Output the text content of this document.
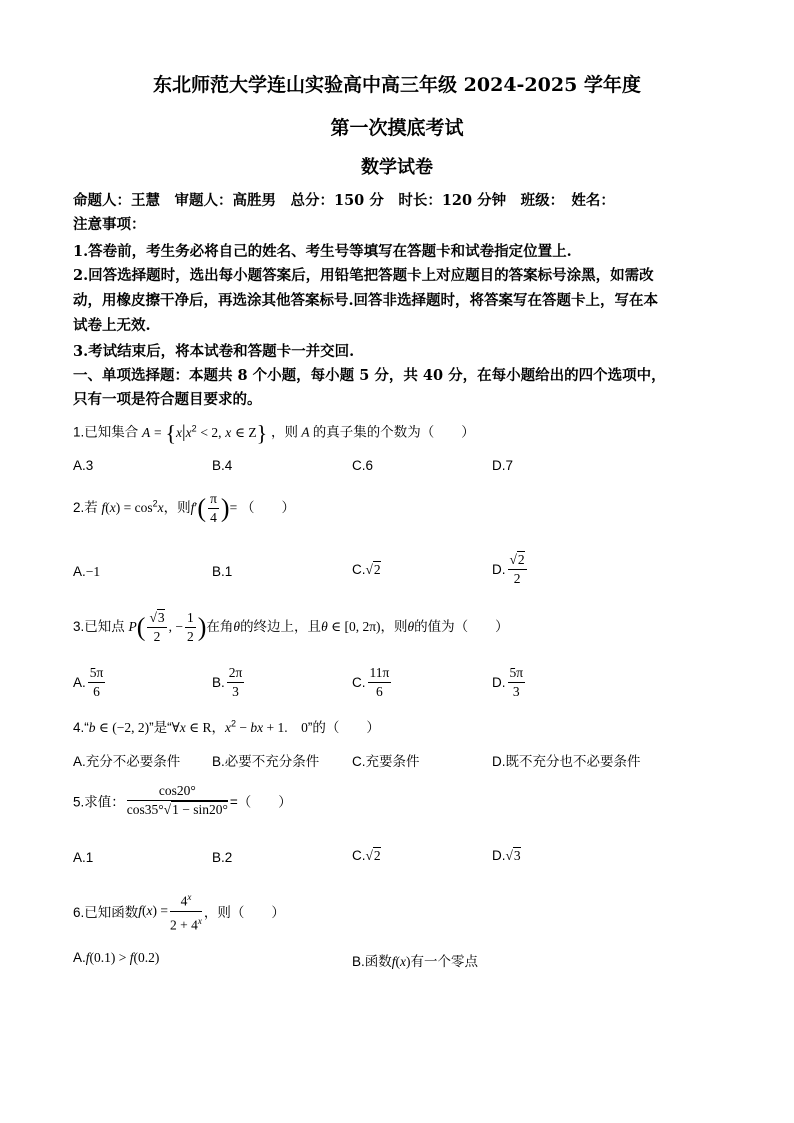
东北师范大学连山实验高中高三年级 2024-2025 学年度
第一次摸底考试
数学试卷
命题人：王慧　审题人：高胜男　总分：150 分　时长：120 分钟　班级：　姓名：
注意事项：
1.答卷前，考生务必将自己的姓名、考生号等填写在答题卡和试卷指定位置上.
2.回答选择题时，选出每小题答案后，用铅笔把答题卡上对应题目的答案标号涂黑，如需改
动，用橡皮擦干净后，再选涂其他答案标号.回答非选择题时，将答案写在答题卡上，写在本
试卷上无效.
3.考试结束后，将本试卷和答题卡一并交回.
一、单项选择题：本题共 8 个小题，每小题 5 分，共 40 分，在每小题给出的四个选项中，
只有一项是符合题目要求的。
1.已知集合 $A = \{x|x^2 < 2$, x ∈ Z} ，则 A 的真子集的个数为（　　）
A.3	B.4	C.6	D.7
2.若 $f(x) = \cos^2x$，则$f'( \frac{\pi}{4}$ )= （　　）
A.−1	B.1	C.√2	D. $\frac{√2}{2}$
3.已知点 $P( \frac{√3}{2}$ , − $\frac{1}{2}$ )在角θ的终边上，且θ ∈ [0, 2π)，则θ的值为（　　）
A. $\frac{5\pi}{6}$	B. $\frac{2\pi}{3}$	C. $\frac{11\pi}{6}$	D. $\frac{5\pi}{3}$
4.“b ∈ (−2, 2)”是“∀x ∈ R，$x^2$ − bx + 1.　0”的（　　）
A.充分不必要条件 B.必要不充分条件 C.充要条件	D.既不充分也不必要条件
5.求值： $\frac{\cos 20^\circ}{\cos 35^\circ√1 - \sin 20^\circ}$ =（　　）
A.1	B.2	C.√2	D.√3
6.已知函数$f(x) = \frac{4^x}{2 + 4^x}$ ，则（　　）
A.f(0.1) > f(0.2)	B.函数f(x)有一个零点
